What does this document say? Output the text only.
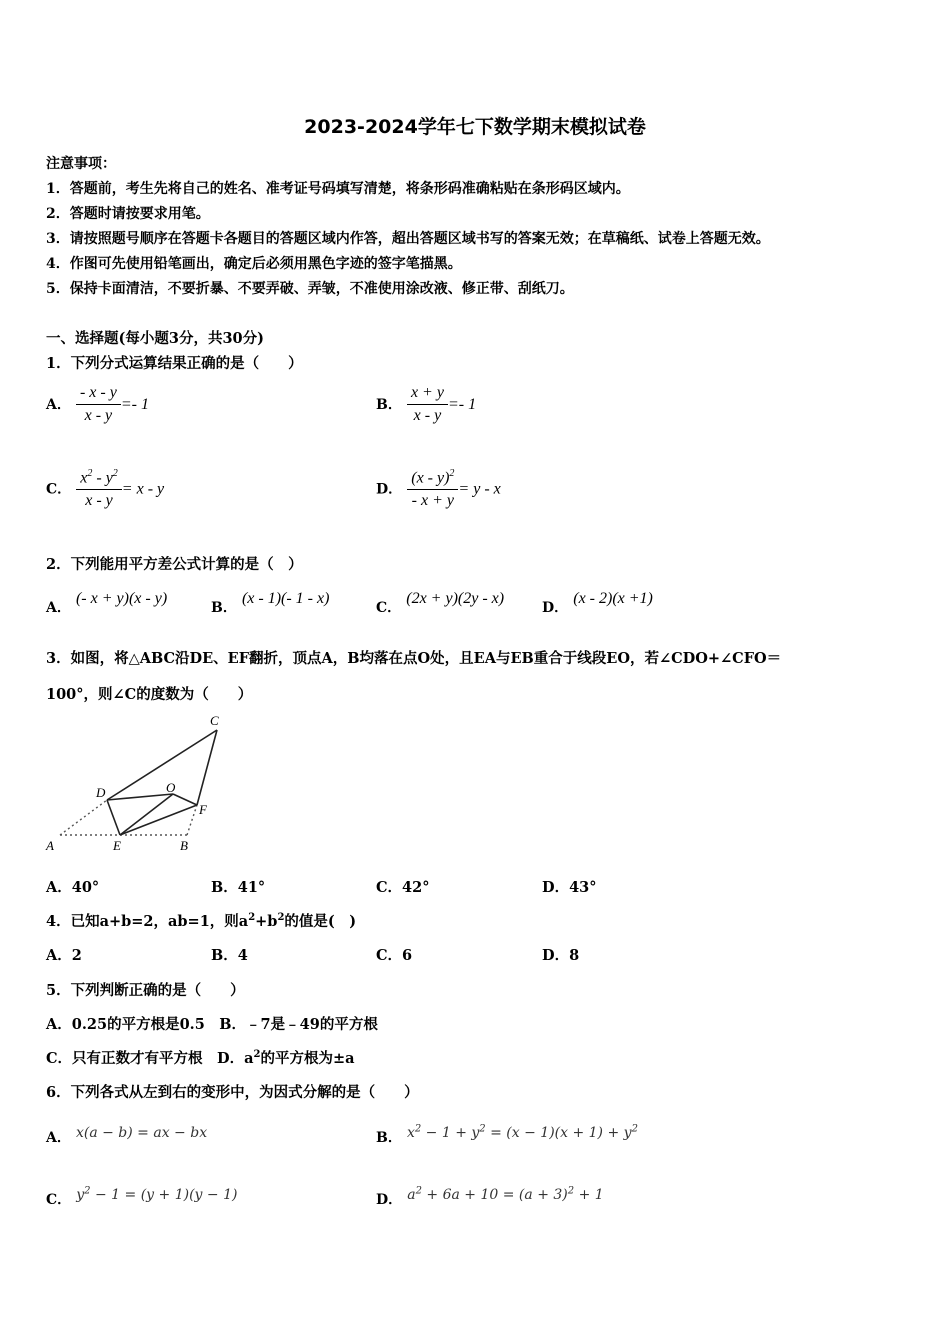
2023-2024学年七下数学期末模拟试卷
注意事项：
1．答题前，考生先将自己的姓名、准考证号码填写清楚，将条形码准确粘贴在条形码区域内。
2．答题时请按要求用笔。
3．请按照题号顺序在答题卡各题目的答题区域内作答，超出答题区域书写的答案无效；在草稿纸、试卷上答题无效。
4．作图可先使用铅笔画出，确定后必须用黑色字迹的签字笔描黑。
5．保持卡面清洁，不要折暴、不要弄破、弄皱，不准使用涂改液、修正带、刮纸刀。
一、选择题(每小题3分，共30分)
1．下列分式运算结果正确的是（　　）
A． $\frac{- x - y}{x - y} =- 1$	B． $\frac{x + y}{x - y} =- 1$
C． $\frac{x^2 - y^2}{x - y} = x - y$	D． $\frac{(x - y)^2}{- x + y} = y - x$
2．下列能用平方差公式计算的是（　）
A． (- x + y)(x - y)
B． (x - 1)(- 1 - x)
C． (2x + y)(2y - x)
D． (x - 2)(x +1)
3．如图，将△ABC沿DE、EF翻折，顶点A，B均落在点O处，且EA与EB重合于线段EO，若∠CDO+∠CFO＝
100°，则∠C的度数为（　　）
A	E	B
D	O
F
C
A．40°	B．41°	C．42°	D．43°
4．已知a+b=2，ab=1，则$a^2+b^2$的值是(　)
A．2	B．4	C．6	D．8
5．下列判断正确的是（　　）
A．0.25的平方根是0.5　B．﹣7是﹣49的平方根
C．只有正数才有平方根　D．$a^2$的平方根为±a
6．下列各式从左到右的变形中，为因式分解的是（　　）
A． x(a − b) = ax − bx	B． $x^2 - 1 + y^2 = (x - 1)(x + 1) + y^2$
C． $y^2 - 1 = (y + 1)(y - 1)$	D． $a^2 + 6a + 10 = (a + 3)^2 + 1$
